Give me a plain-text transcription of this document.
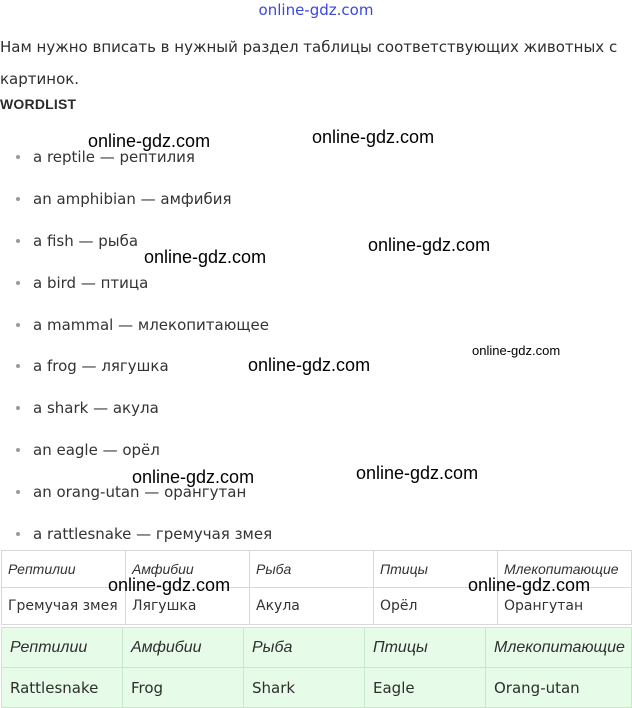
online-gdz.com
Нам нужно вписать в нужный раздел таблицы соответствующих животных с картинок.
WORDLIST
a reptile — рептилия
an amphibian — амфибия
a fish — рыба
a bird — птица
a mammal — млекопитающее
a frog — лягушка
a shark — акула
an eagle — орёл
an orang-utan — орангутан
a rattlesnake — гремучая змея
Рептилии	Амфибии	Рыба	Птицы	Млекопитающие
Гремучая змея	Лягушка	Акула	Орёл	Орангутан
Рептилии	Амфибии	Рыба	Птицы	Млекопитающие
Rattlesnake	Frog	Shark	Eagle	Orang-utan
online-gdz.com	online-gdz.com
online-gdz.com
online-gdz.com
online-gdz.com
online-gdz.com
online-gdz.com
online-gdz.com
online-gdz.com	online-gdz.com
